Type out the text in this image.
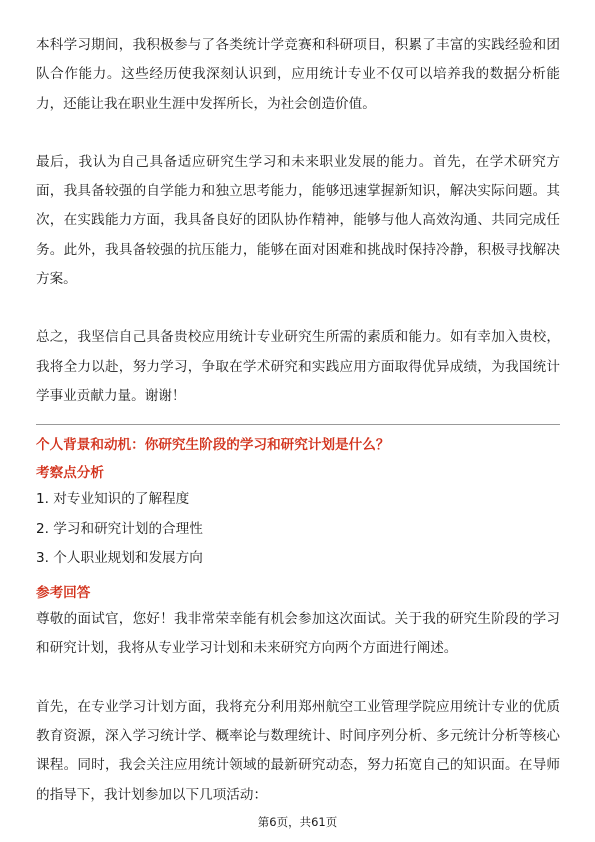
本科学习期间，我积极参与了各类统计学竞赛和科研项目，积累了丰富的实践经验和团队合作能力。这些经历使我深刻认识到，应用统计专业不仅可以培养我的数据分析能力，还能让我在职业生涯中发挥所长，为社会创造价值。

最后，我认为自己具备适应研究生学习和未来职业发展的能力。首先，在学术研究方面，我具备较强的自学能力和独立思考能力，能够迅速掌握新知识，解决实际问题。其次，在实践能力方面，我具备良好的团队协作精神，能够与他人高效沟通、共同完成任务。此外，我具备较强的抗压能力，能够在面对困难和挑战时保持冷静，积极寻找解决方案。

总之，我坚信自己具备贵校应用统计专业研究生所需的素质和能力。如有幸加入贵校，我将全力以赴，努力学习，争取在学术研究和实践应用方面取得优异成绩，为我国统计学事业贡献力量。谢谢！

个人背景和动机：你研究生阶段的学习和研究计划是什么？
考察点分析
1. 对专业知识的了解程度
2. 学习和研究计划的合理性
3. 个人职业规划和发展方向
参考回答

尊敬的面试官，您好！我非常荣幸能有机会参加这次面试。关于我的研究生阶段的学习和研究计划，我将从专业学习计划和未来研究方向两个方面进行阐述。

首先，在专业学习计划方面，我将充分利用郑州航空工业管理学院应用统计专业的优质教育资源，深入学习统计学、概率论与数理统计、时间序列分析、多元统计分析等核心课程。同时，我会关注应用统计领域的最新研究动态，努力拓宽自己的知识面。在导师的指导下，我计划参加以下几项活动：

第6页，共61页
